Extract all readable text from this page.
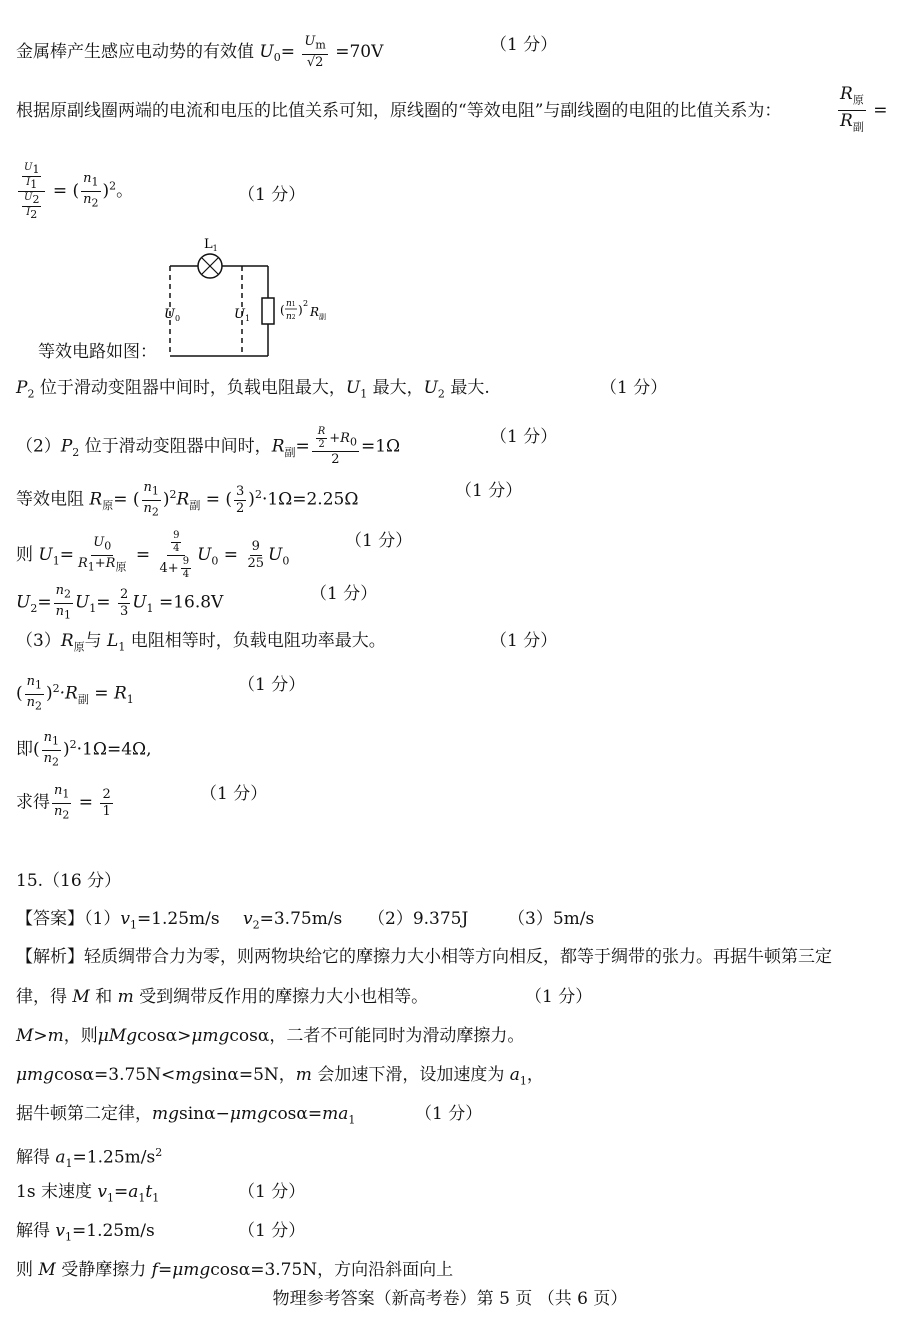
金属棒产生感应电动势的有效值 $U_0= \frac{U_m}{√2} =70V$	（1 分）
根据原副线圈两端的电流和电压的比值关系可知，原线圈的“等效电阻”与副线圈的电阻的比值关系为：	$\frac{R_原}{R_副}$ =
$\frac{\frac{U_1}{I_1}}{\frac{U_2}{I_2}}$ = ( $\frac{n_1}{n_2} )^2$。	（1 分）
$L_1$
$U_0$	$U_1$
( n1
n2
) 2
$R_副$
等效电路如图：
$P_2$ 位于滑动变阻器中间时，负载电阻最大，$U_1$ 最大，$U_2$ 最大.	（1 分）
$(2)P_2$ 位于滑动变阻器中间时，$R_副= \frac{\frac{R}{2} +R_0}{2} =1\Omega$	（1 分）
等效电阻 $R_原=$ ( $\frac{n_1}{n_2} )^2R_副$ = ( $\frac{3}{2} )^2\cdot 1\Omega=2.25\Omega$	（1 分）
则 $U_1= \frac{U_0}{R_1+R_原} = \frac{\frac{9}{4}}{4+ \frac{9}{4}} U_0 = \frac{9}{25} U_0$
（1 分）
$U_2= \frac{n_2}{n_1} U_1= \frac{2}{3} U_1 =16.8V$	（1 分）
$(3)R_原$与 $L_1$ 电阻相等时，负载电阻功率最大。	（1 分）
( $\frac{n_1}{n_2} )^2\cdot R_副 = R_1$
（1 分）
即( $\frac{n_1}{n_2} )^2\cdot 1\Omega=4\Omega$,
求得 $\frac{n_1}{n_2} = \frac{2}{1}$	（1 分）
15.（16 分）
【答案】$(1)v_1=1.25m/s$ $v_2=3.75m/s$ （2）9.375J （3）5m/s
【解析】轻质绸带合力为零，则两物块给它的摩擦力大小相等方向相反，都等于绸带的张力。再据牛顿第三定
律，得 M 和 m 受到绸带反作用的摩擦力大小也相等。	（1 分）
M>m，则μMgcosα>μmgcosα，二者不可能同时为滑动摩擦力。
μmgcosα=3.75N<mgsinα=5N，m 会加速下滑，设加速度为 $a_1$，
据牛顿第二定律，$mgsin\alpha-\mu mgcos\alpha=ma_1$	（1 分）
解得 $a_1=1.25m/s^2$
1s 末速度 $v_1=a_1t_1$	（1 分）
解得 $v_1=1.25m/s$	（1 分）
则 M 受静摩擦力 f=μmgcosα=3.75N，方向沿斜面向上
物理参考答案（新高考卷）第 5 页 （共 6 页）
